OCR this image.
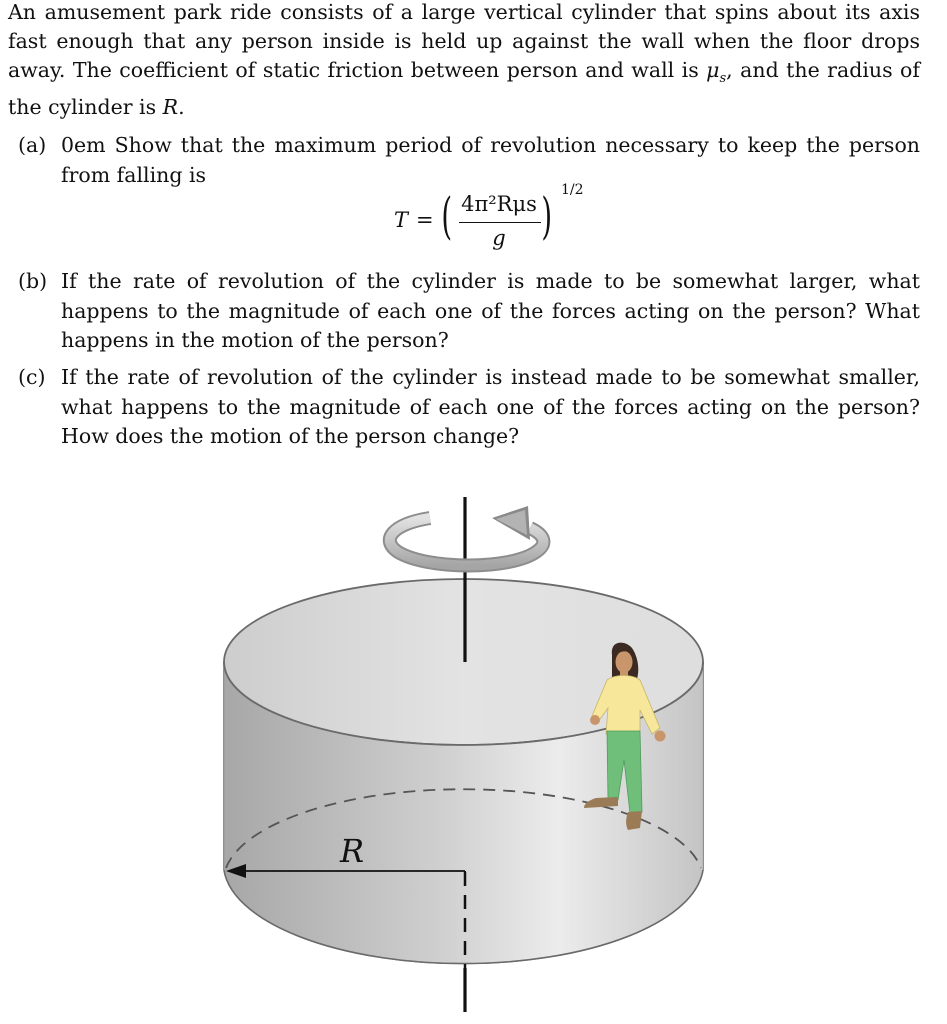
An amusement park ride consists of a large vertical cylinder that spins about its axis fast enough that any person inside is held up against the wall when the floor drops away. The coefficient of static friction between person and wall is $\mu_s$, and the radius of the cylinder is R.

(a) 0em Show that the maximum period of revolution necessary to keep the person from falling is
T = ( 4π²Rμs
g ) 1/2
(b) If the rate of revolution of the cylinder is made to be somewhat larger, what happens to the magnitude of each one of the forces acting on the person? What happens in the motion of the person?
(c) If the rate of revolution of the cylinder is instead made to be somewhat smaller, what happens to the magnitude of each one of the forces acting on the person? How does the motion of the person change?
R
